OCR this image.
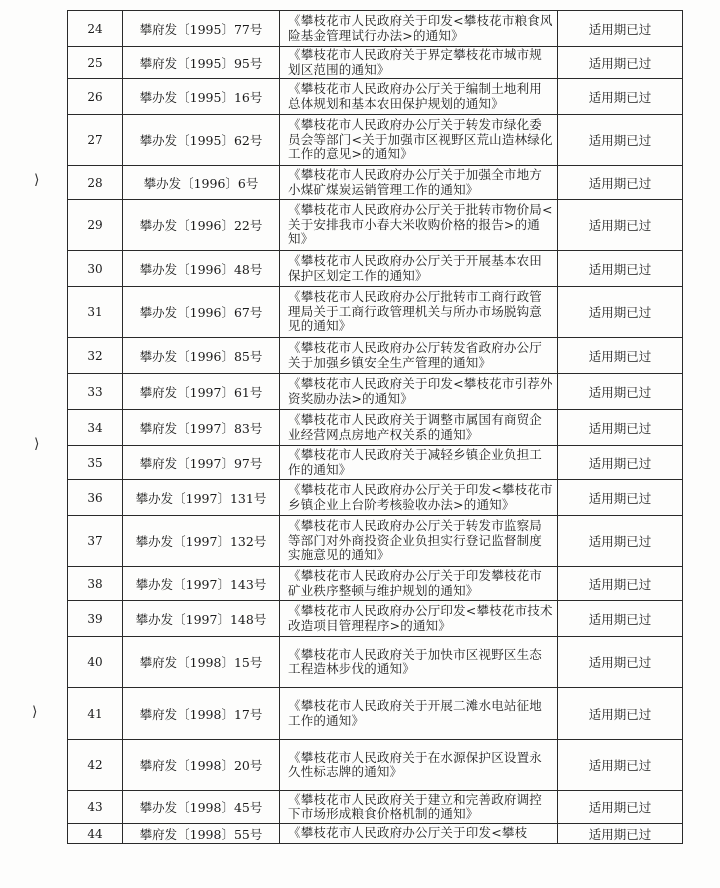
⟩
⟩
⟩
24	攀府发〔1995〕77号	《攀枝花市人民政府关于印发<攀枝花市粮食风险基金管理试行办法>的通知》	适用期已过
25	攀府发〔1995〕95号	《攀枝花市人民政府关于界定攀枝花市城市规划区范围的通知》	适用期已过
26	攀办发〔1995〕16号	《攀枝花市人民政府办公厅关于编制土地利用总体规划和基本农田保护规划的通知》	适用期已过
27	攀办发〔1995〕62号	《攀枝花市人民政府办公厅关于转发市绿化委员会等部门<关于加强市区视野区荒山造林绿化工作的意见>的通知》	适用期已过
28	攀办发〔1996〕6号	《攀枝花市人民政府办公厅关于加强全市地方小煤矿煤炭运销管理工作的通知》	适用期已过
29	攀办发〔1996〕22号	《攀枝花市人民政府办公厅关于批转市物价局<关于安排我市小春大米收购价格的报告>的通知》	适用期已过
30	攀办发〔1996〕48号	《攀枝花市人民政府办公厅关于开展基本农田保护区划定工作的通知》	适用期已过
31	攀办发〔1996〕67号	《攀枝花市人民政府办公厅批转市工商行政管理局关于工商行政管理机关与所办市场脱钩意见的通知》	适用期已过
32	攀办发〔1996〕85号	《攀枝花市人民政府办公厅转发省政府办公厅关于加强乡镇安全生产管理的通知》	适用期已过
33	攀府发〔1997〕61号	《攀枝花市人民政府关于印发<攀枝花市引荐外资奖励办法>的通知》	适用期已过
34	攀府发〔1997〕83号	《攀枝花市人民政府关于调整市属国有商贸企业经营网点房地产权关系的通知》	适用期已过
35	攀府发〔1997〕97号	《攀枝花市人民政府关于减轻乡镇企业负担工作的通知》	适用期已过
36	攀办发〔1997〕131号	《攀枝花市人民政府办公厅关于印发<攀枝花市乡镇企业上台阶考核验收办法>的通知》	适用期已过
37	攀办发〔1997〕132号	《攀枝花市人民政府办公厅关于转发市监察局等部门对外商投资企业负担实行登记监督制度实施意见的通知》	适用期已过
38	攀办发〔1997〕143号	《攀枝花市人民政府办公厅关于印发攀枝花市矿业秩序整顿与维护规划的通知》	适用期已过
39	攀办发〔1997〕148号	《攀枝花市人民政府办公厅印发<攀枝花市技术改造项目管理程序>的通知》	适用期已过
40	攀府发〔1998〕15号	《攀枝花市人民政府关于加快市区视野区生态工程造林步伐的通知》	适用期已过
41	攀府发〔1998〕17号	《攀枝花市人民政府关于开展二滩水电站征地工作的通知》	适用期已过
42	攀府发〔1998〕20号	《攀枝花市人民政府关于在水源保护区设置永久性标志牌的通知》	适用期已过
43	攀办发〔1998〕45号	《攀枝花市人民政府关于建立和完善政府调控下市场形成粮食价格机制的通知》	适用期已过
44	攀府发〔1998〕55号	《攀枝花市人民政府办公厅关于印发<攀枝	适用期已过
